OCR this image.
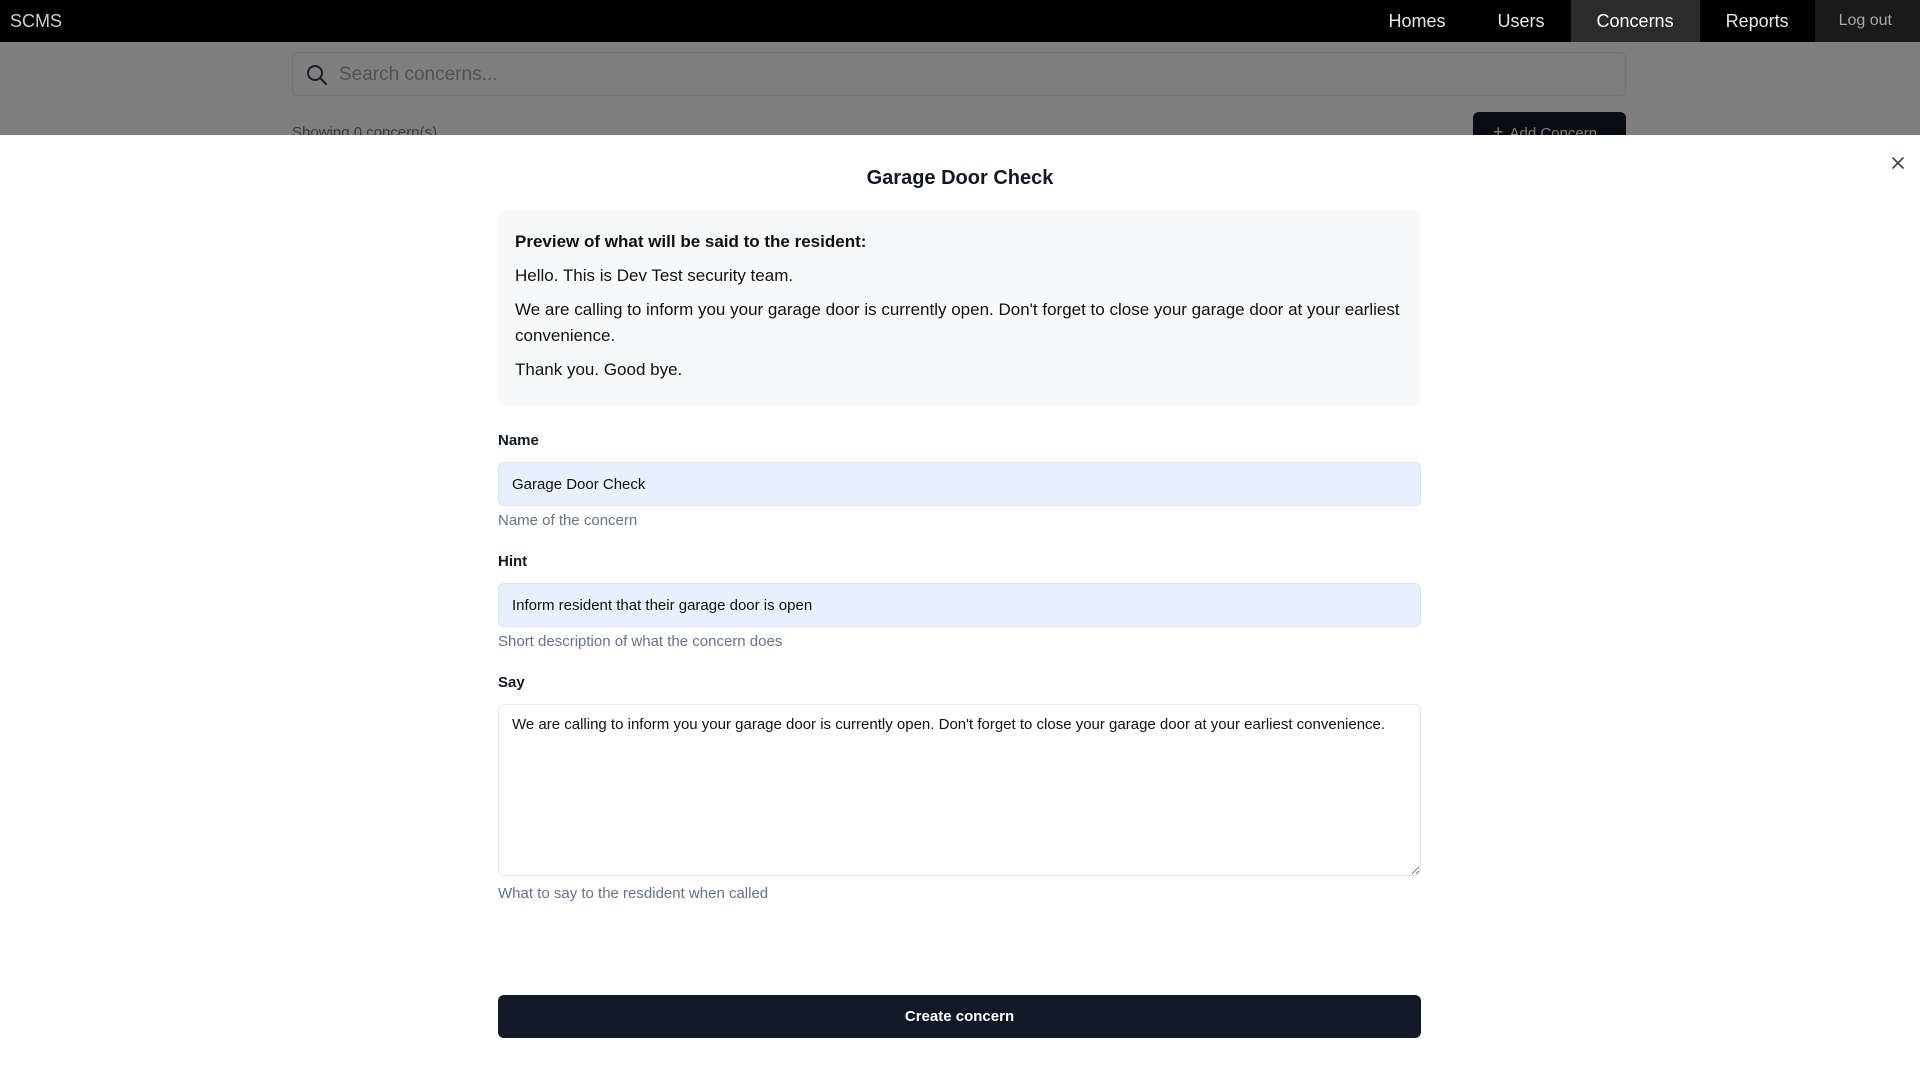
SCMS	Homes	Users	Concerns	Reports	Log out
Garage Door Check

Preview of what will be said to the resident:

Hello. This is Dev Test security team.

We are calling to inform you your garage door is currently open. Don't forget to close your garage door at your earliest convenience.

Thank you. Good bye.

Name

Garage Door Check

Name of the concern

Hint

Inform resident that their garage door is open

Short description of what the concern does

Say

We are calling to inform you your garage door is currently open. Don't forget to close your garage door at your earliest convenience.

What to say to the resdident when called

Create concern
